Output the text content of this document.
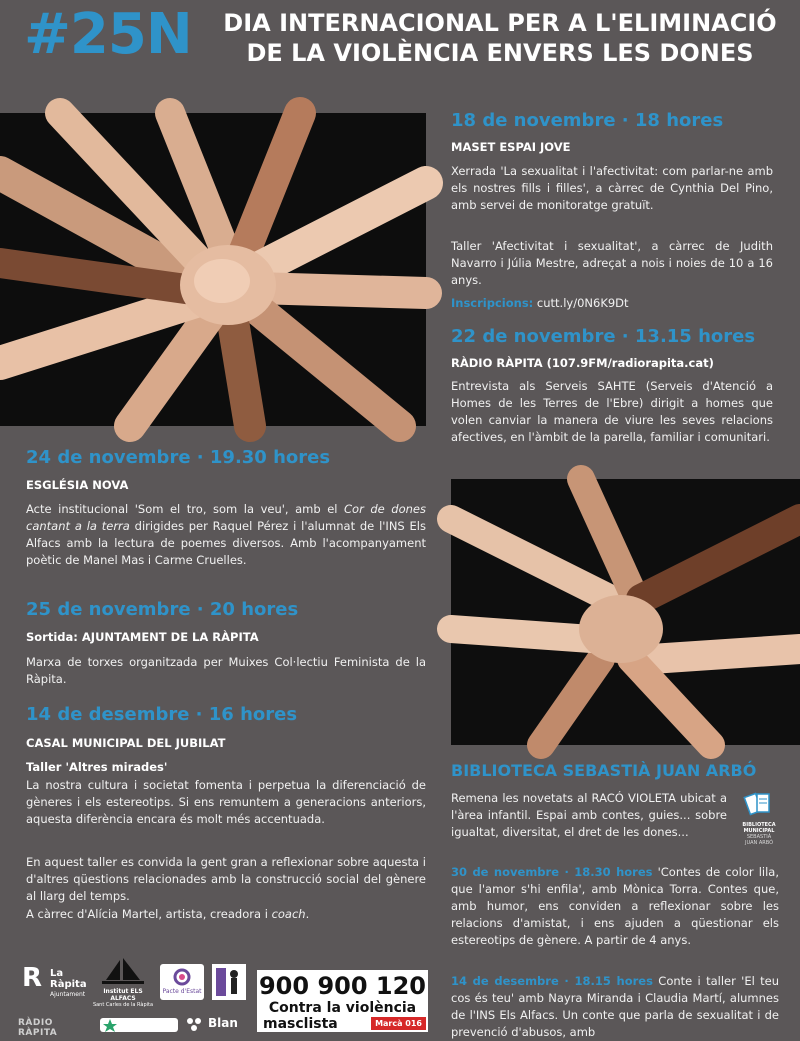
#25N	DIA INTERNACIONAL PER A L'ELIMINACIÓ
DE LA VIOLÈNCIA ENVERS LES DONES
18 de novembre · 18 hores
MASET ESPAI JOVE
Xerrada 'La sexualitat i l'afectivitat: com parlar-ne amb els nostres fills i filles', a càrrec de Cynthia Del Pino, amb servei de monitoratge gratuït.
Taller 'Afectivitat i sexualitat', a càrrec de Judith Navarro i Júlia Mestre, adreçat a nois i noies de 10 a 16 anys.
Inscripcions: cutt.ly/0N6K9Dt
22 de novembre · 13.15 hores
RÀDIO RÀPITA (107.9FM/radiorapita.cat)
Entrevista als Serveis SAHTE (Serveis d'Atenció a Homes de les Terres de l'Ebre) dirigit a homes que volen canviar la manera de viure les seves relacions afectives, en l'àmbit de la parella, familiar i comunitari.
24 de novembre · 19.30 hores
ESGLÉSIA NOVA
Acte institucional 'Som el tro, som la veu', amb el Cor de dones cantant a la terra dirigides per Raquel Pérez i l'alumnat de l'INS Els Alfacs amb la lectura de poemes diversos. Amb l'acompanyament poètic de Manel Mas i Carme Cruelles.
25 de novembre · 20 hores
Sortida: AJUNTAMENT DE LA RÀPITA
Marxa de torxes organitzada per Muixes Col·lectiu Feminista de la Ràpita.
14 de desembre · 16 hores
CASAL MUNICIPAL DEL JUBILAT
Taller 'Altres mirades'
La nostra cultura i societat fomenta i perpetua la diferenciació de gèneres i els estereotips. Si ens remuntem a generacions anteriors, aquesta diferència encara és molt més accentuada.
En aquest taller es convida la gent gran a reflexionar sobre aquesta i d'altres qüestions relacionades amb la construcció social del gènere al llarg del temps.
A càrrec d'Alícia Martel, artista, creadora i coach.
BIBLIOTECA SEBASTIÀ JUAN ARBÓ
Remena les novetats al RACÓ VIOLETA ubicat a l'àrea infantil. Espai amb contes, guies... sobre igualtat, diversitat, el dret de les dones...	BIBLIOTECA
MUNICIPAL
SEBASTIÀ
JUAN ARBÓ
30 de novembre · 18.30 hores 'Contes de color lila, que l'amor s'hi enfila', amb Mònica Torra. Contes que, amb humor, ens conviden a reflexionar sobre les relacions d'amistat, i ens ajuden a qüestionar els estereotips de gènere. A partir de 4 anys.
14 de desembre · 18.15 hores Conte i taller 'El teu cos és teu' amb Nayra Miranda i Claudia Martí, alumnes de l'INS Els Alfacs. Un conte que parla de sexualitat i de prevenció d'abusos, amb
R La
Ràpita
Ajuntament	Institut ELS ALFACS
Sant Carles de la Ràpita
Pacte d'Estat
RÀDIO RÀPITA
Blan
900 900 120
Contra la violència
masclista	Marcà 016
